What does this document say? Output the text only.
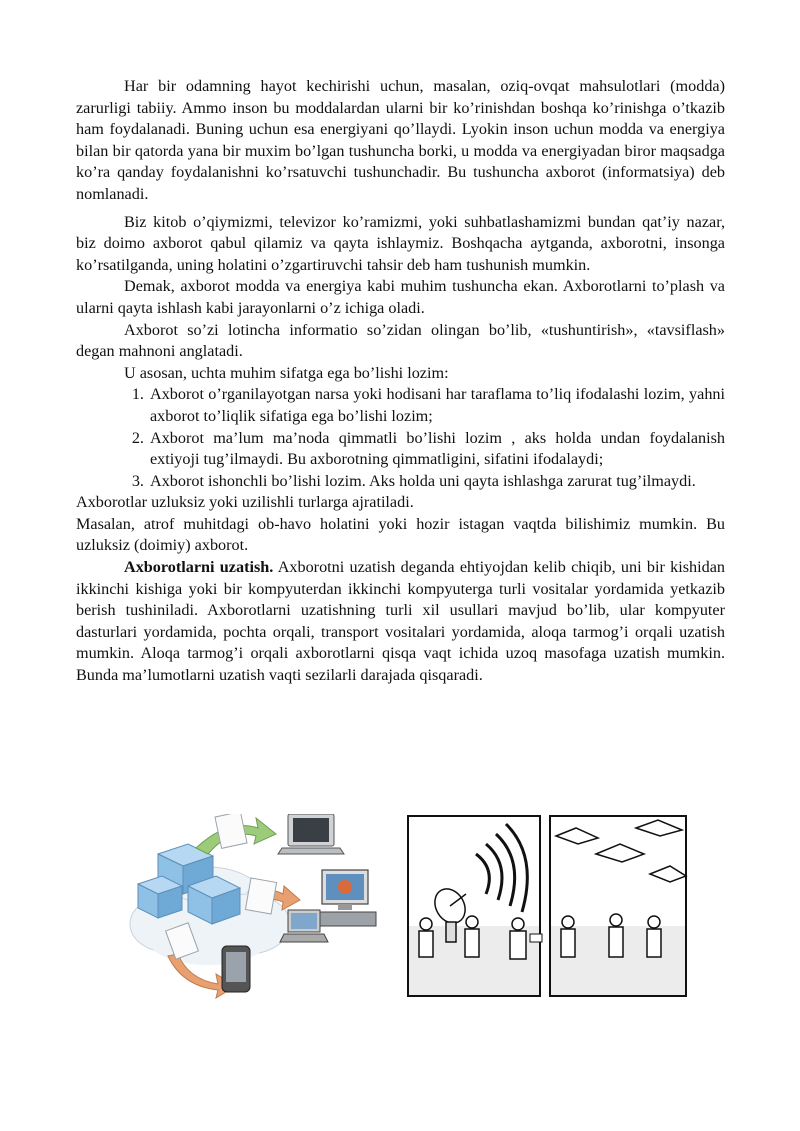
Har bir odamning hayot kechirishi uchun, masalan, oziq-ovqat mahsulotlari (modda) zarurligi tabiiy. Ammo inson bu moddalardan ularni bir ko’rinishdan boshqa ko’rinishga o’tkazib ham foydalanadi. Buning uchun esa energiyani qo’llaydi. Lyokin inson uchun modda va energiya bilan bir qatorda yana bir muxim bo’lgan tushuncha borki, u modda va energiyadan biror maqsadga ko’ra qanday foydalanishni ko’rsatuvchi tushunchadir. Bu tushuncha axborot (informatsiya) deb nomlanadi.

Biz kitob o’qiymizmi, televizor ko’ramizmi, yoki suhbatlashamizmi bundan qat’iy nazar, biz doimo axborot qabul qilamiz va qayta ishlaymiz. Boshqacha aytganda, axborotni, insonga ko’rsatilganda, uning holatini o’zgartiruvchi tahsir deb ham tushunish mumkin.

Demak, axborot modda va energiya kabi muhim tushuncha ekan. Axborotlarni to’plash va ularni qayta ishlash kabi jarayonlarni o’z ichiga oladi.

Axborot so’zi lotincha informatio so’zidan olingan bo’lib, «tushuntirish», «tavsiflash» degan mahnoni anglatadi.

U asosan, uchta muhim sifatga ega bo’lishi lozim:

1. Axborot o’rganilayotgan narsa yoki hodisani har taraflama to’liq ifodalashi lozim, yahni axborot to’liqlik sifatiga ega bo’lishi lozim;
2. Axborot ma’lum ma’noda qimmatli bo’lishi lozim , aks holda undan foydalanish extiyoji tug’ilmaydi. Bu axborotning qimmatligini, sifatini ifodalaydi;
3. Axborot ishonchli bo’lishi lozim. Aks holda uni qayta ishlashga zarurat tug’ilmaydi.

Axborotlar uzluksiz yoki uzilishli turlarga ajratiladi.

Masalan, atrof muhitdagi ob-havo holatini yoki hozir istagan vaqtda bilishimiz mumkin. Bu uzluksiz (doimiy) axborot.

Axborotlarni uzatish. Axborotni uzatish deganda ehtiyojdan kelib chiqib, uni bir kishidan ikkinchi kishiga yoki bir kompyuterdan ikkinchi kompyuterga turli vositalar yordamida yetkazib berish tushiniladi. Axborotlarni uzatishning turli xil usullari mavjud bo’lib, ular kompyuter dasturlari yordamida, pochta orqali, transport vositalari yordamida, aloqa tarmog’i orqali uzatish mumkin. Aloqa tarmog’i orqali axborotlarni qisqa vaqt ichida uzoq masofaga uzatish mumkin. Bunda ma’lumotlarni uzatish vaqti sezilarli darajada qisqaradi.
